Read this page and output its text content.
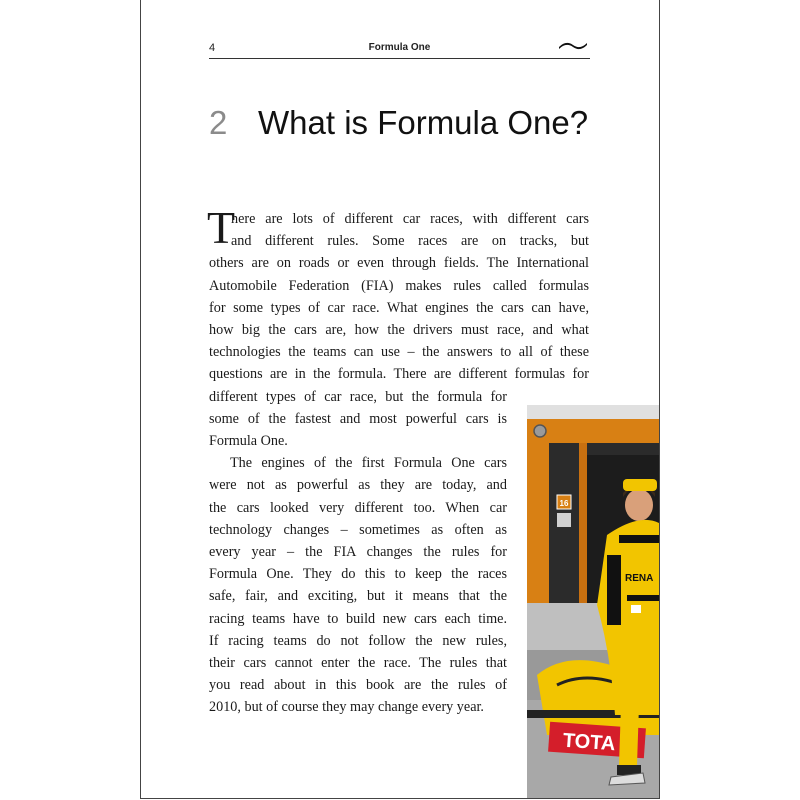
4	Formula One
2 What is Formula One?
T
here are lots of different car races, with different cars
and different rules. Some races are on tracks, but
others are on roads or even through fields. The International
Automobile Federation (FIA) makes rules called formulas
for some types of car race. What engines the cars can have,
how big the cars are, how the drivers must race, and what
technologies the teams can use – the answers to all of these
questions are in the formula. There are different formulas for
different types of car race, but the formula for
some of the fastest and most powerful cars is
Formula One.
The engines of the first Formula One cars
were not as powerful as they are today, and
the cars looked very different too. When car
technology changes – sometimes as often as
every year – the FIA changes the rules for
Formula One. They do this to keep the races
safe, fair, and exciting, but it means that the
racing teams have to build new cars each time.
If racing teams do not follow the new rules,
their cars cannot enter the race. The rules that
you read about in this book are the rules of
2010, but of course they may change every year.
16
TOTA
RENA
